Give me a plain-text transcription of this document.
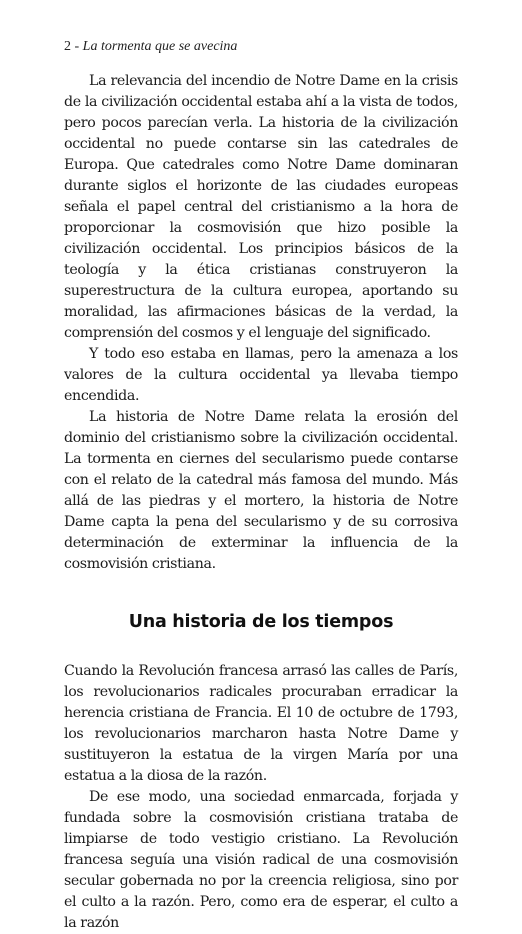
2 - La tormenta que se avecina

La relevancia del incendio de Notre Dame en la crisis de la civilización occidental estaba ahí a la vista de todos, pero pocos parecían verla. La historia de la civilización occidental no puede contarse sin las catedrales de Europa. Que catedrales como Notre Dame dominaran durante siglos el horizonte de las ciudades europeas señala el papel central del cristianismo a la hora de proporcionar la cosmovisión que hizo posible la civilización occidental. Los principios básicos de la teología y la ética cristianas construyeron la superestructura de la cultura europea, aportando su moralidad, las afirmaciones básicas de la verdad, la comprensión del cosmos y el lenguaje del significado.

Y todo eso estaba en llamas, pero la amenaza a los valores de la cultura occidental ya llevaba tiempo encendida.

La historia de Notre Dame relata la erosión del dominio del cristianismo sobre la civilización occidental. La tormenta en ciernes del secularismo puede contarse con el relato de la catedral más famosa del mundo. Más allá de las piedras y el mortero, la historia de Notre Dame capta la pena del secularismo y de su corrosiva determinación de exterminar la influencia de la cosmovisión cristiana.

Una historia de los tiempos

Cuando la Revolución francesa arrasó las calles de París, los revolucionarios radicales procuraban erradicar la herencia cristiana de Francia. El 10 de octubre de 1793, los revolucionarios marcharon hasta Notre Dame y sustituyeron la estatua de la virgen María por una estatua a la diosa de la razón.

De ese modo, una sociedad enmarcada, forjada y fundada sobre la cosmovisión cristiana trataba de limpiarse de todo vestigio cristiano. La Revolución francesa seguía una visión radical de una cosmovisión secular gobernada no por la creencia religiosa, sino por el culto a la razón. Pero, como era de esperar, el culto a la razón
